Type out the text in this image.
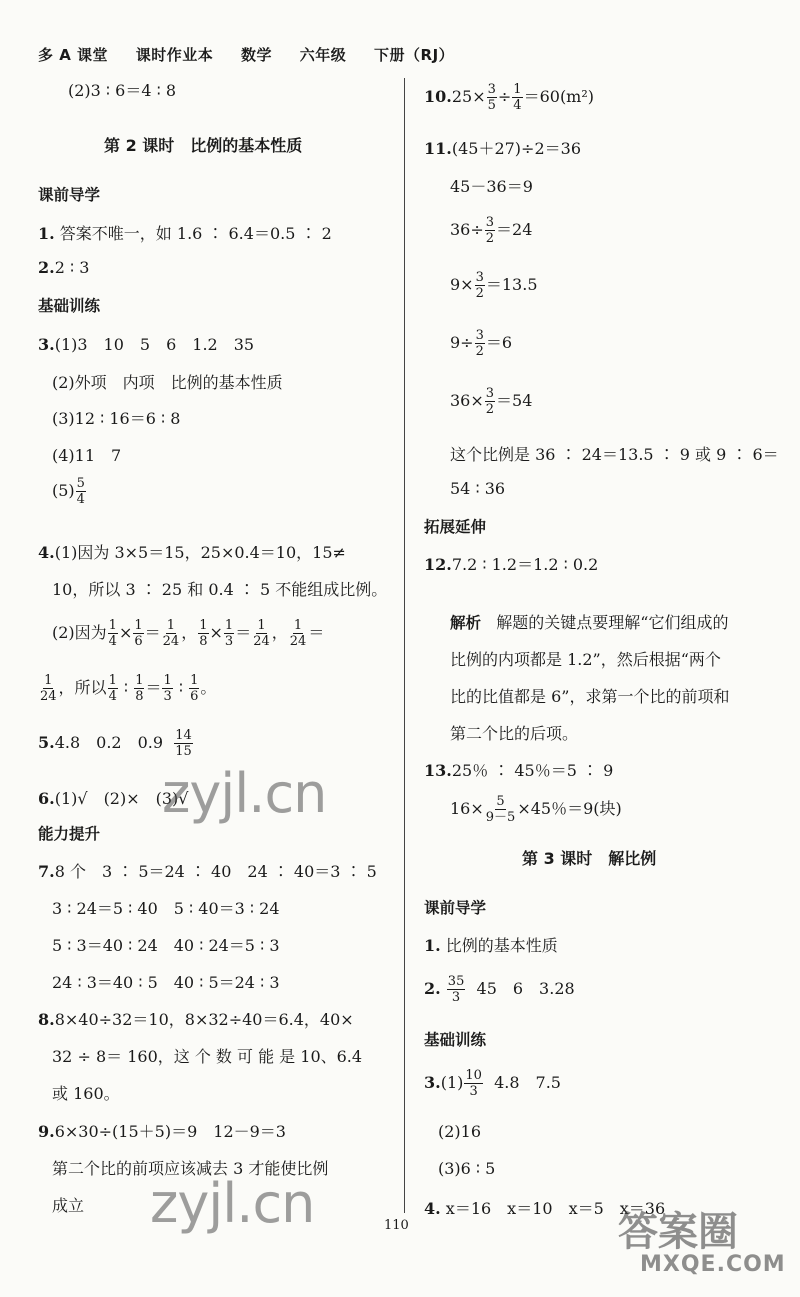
多 A 课堂 课时作业本 数学 六年级 下册（RJ）
(2)3 ∶ 6＝4 ∶ 8
第 2 课时　比例的基本性质
课前导学
1. 答案不唯一，如 1.6 ∶ 6.4＝0.5 ∶ 2
2.2 ∶ 3
基础训练
3.(1)3　10　5　6　1.2　35
(2)外项　内项　比例的基本性质
(3)12 ∶ 16＝6 ∶ 8
(4)11　7
$(5) \frac{5}{4}$
4.(1)因为 3×5＝15，25×0.4＝10，15≠
10，所以 3 ∶ 25 和 0.4 ∶ 5 不能组成比例。
(2)因为 $\frac{1}{4} \times \frac{1}{6} = \frac{1}{24}$ ， $\frac{1}{8} \times \frac{1}{3} = \frac{1}{24}$ ， $\frac{1}{24}$ ＝
$\frac{1}{24}$ ，所以 $\frac{1}{4}$ ∶ $\frac{1}{8} = \frac{1}{3}$ ∶ $\frac{1}{6}$ 。
5.4.8　0.2　$0.9 \frac{14}{15}$
6.(1)√　(2)×　(3)√
能力提升
7.8 个　3 ∶ 5＝24 ∶ 40　24 ∶ 40＝3 ∶ 5
3 ∶ 24＝5 ∶ 40　5 ∶ 40＝3 ∶ 24
5 ∶ 3＝40 ∶ 24　40 ∶ 24＝5 ∶ 3
24 ∶ 3＝40 ∶ 5　40 ∶ 5＝24 ∶ 3
8.8×40÷32＝10，8×32÷40＝6.4，40×
32 ÷ 8＝ 160，这 个 数 可 能 是 10、6.4
或 160。
9.6×30÷(15＋5)＝9　12－9＝3
第二个比的前项应该减去 3 才能使比例
成立
$10.25\times \frac{3}{5} \div \frac{1}{4} =60(m^2)$
11.(45＋27)÷2＝36
45－36＝9
$36\div \frac{3}{2} =24$
$9\times \frac{3}{2} =13.5$
$9\div \frac{3}{2} =6$
$36\times \frac{3}{2} =54$
这个比例是 36 ∶ 24＝13.5 ∶ 9 或 9 ∶ 6＝
54 ∶ 36
拓展延伸
12.7.2 ∶ 1.2＝1.2 ∶ 0.2
解析 解题的关键点要理解“它们组成的
比例的内项都是 1.2”，然后根据“两个
比的比值都是 6”，求第一个比的前项和
第二个比的后项。
13.25％ ∶ 45％＝5 ∶ 9
$16\times \frac{5}{9-5} \times 45$％＝9(块)
第 3 课时　解比例
课前导学
1. 比例的基本性质
2. $\frac{35}{3} 45$　6　3.28
基础训练
$3.(1) \frac{10}{3} 4.8$　7.5
(2)16
(3)6 ∶ 5
4. x＝16　x＝10　x＝5　x＝36
110
zyjl.cn
zyjl.cn	答案圈
MXQE.COM
